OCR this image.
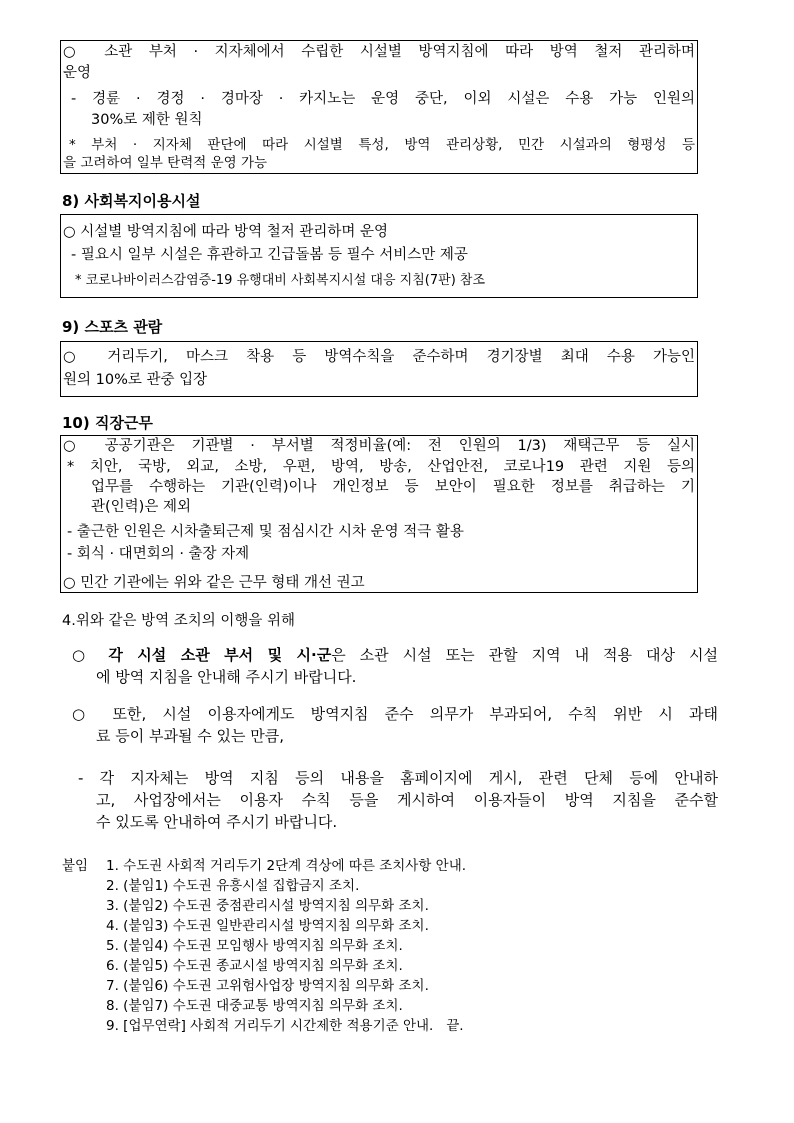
○ 소관 부처 · 지자체에서 수립한 시설별 방역지침에 따라 방역 철저 관리하며
운영
- 경륜 · 경정 · 경마장 · 카지노는 운영 중단, 이외 시설은 수용 가능 인원의
30%로 제한 원칙
* 부처 · 지자체 판단에 따라 시설별 특성, 방역 관리상황, 민간 시설과의 형평성 등
을 고려하여 일부 탄력적 운영 가능
8) 사회복지이용시설
○ 시설별 방역지침에 따라 방역 철저 관리하며 운영
- 필요시 일부 시설은 휴관하고 긴급돌봄 등 필수 서비스만 제공
* 코로나바이러스감염증-19 유행대비 사회복지시설 대응 지침(7판) 참조
9) 스포츠 관람
○ 거리두기, 마스크 착용 등 방역수칙을 준수하며 경기장별 최대 수용 가능인
원의 10%로 관중 입장
10) 직장근무
○ 공공기관은 기관별 · 부서별 적정비율(예: 전 인원의 1/3) 재택근무 등 실시
* 치안, 국방, 외교, 소방, 우편, 방역, 방송, 산업안전, 코로나19 관련 지원 등의
업무를 수행하는 기관(인력)이나 개인정보 등 보안이 필요한 정보를 취급하는 기
관(인력)은 제외
- 출근한 인원은 시차출퇴근제 및 점심시간 시차 운영 적극 활용
- 회식 · 대면회의 · 출장 자제
○ 민간 기관에는 위와 같은 근무 형태 개선 권고
4.위와 같은 방역 조치의 이행을 위해
○ 각 시설 소관 부서 및 시·군은 소관 시설 또는 관할 지역 내 적용 대상 시설
에 방역 지침을 안내해 주시기 바랍니다.
○ 또한, 시설 이용자에게도 방역지침 준수 의무가 부과되어, 수칙 위반 시 과태
료 등이 부과될 수 있는 만큼,
- 각 지자체는 방역 지침 등의 내용을 홈페이지에 게시, 관련 단체 등에 안내하
고, 사업장에서는 이용자 수칙 등을 게시하여 이용자들이 방역 지침을 준수할
수 있도록 안내하여 주시기 바랍니다.
붙임 1. 수도권 사회적 거리두기 2단계 격상에 따른 조치사항 안내.
2. (붙임1) 수도권 유흥시설 집합금지 조치.
3. (붙임2) 수도권 중점관리시설 방역지침 의무화 조치.
4. (붙임3) 수도권 일반관리시설 방역지침 의무화 조치.
5. (붙임4) 수도권 모임행사 방역지침 의무화 조치.
6. (붙임5) 수도권 종교시설 방역지침 의무화 조치.
7. (붙임6) 수도권 고위험사업장 방역지침 의무화 조치.
8. (붙임7) 수도권 대중교통 방역지침 의무화 조치.
9. [업무연락] 사회적 거리두기 시간제한 적용기준 안내. 끝.
